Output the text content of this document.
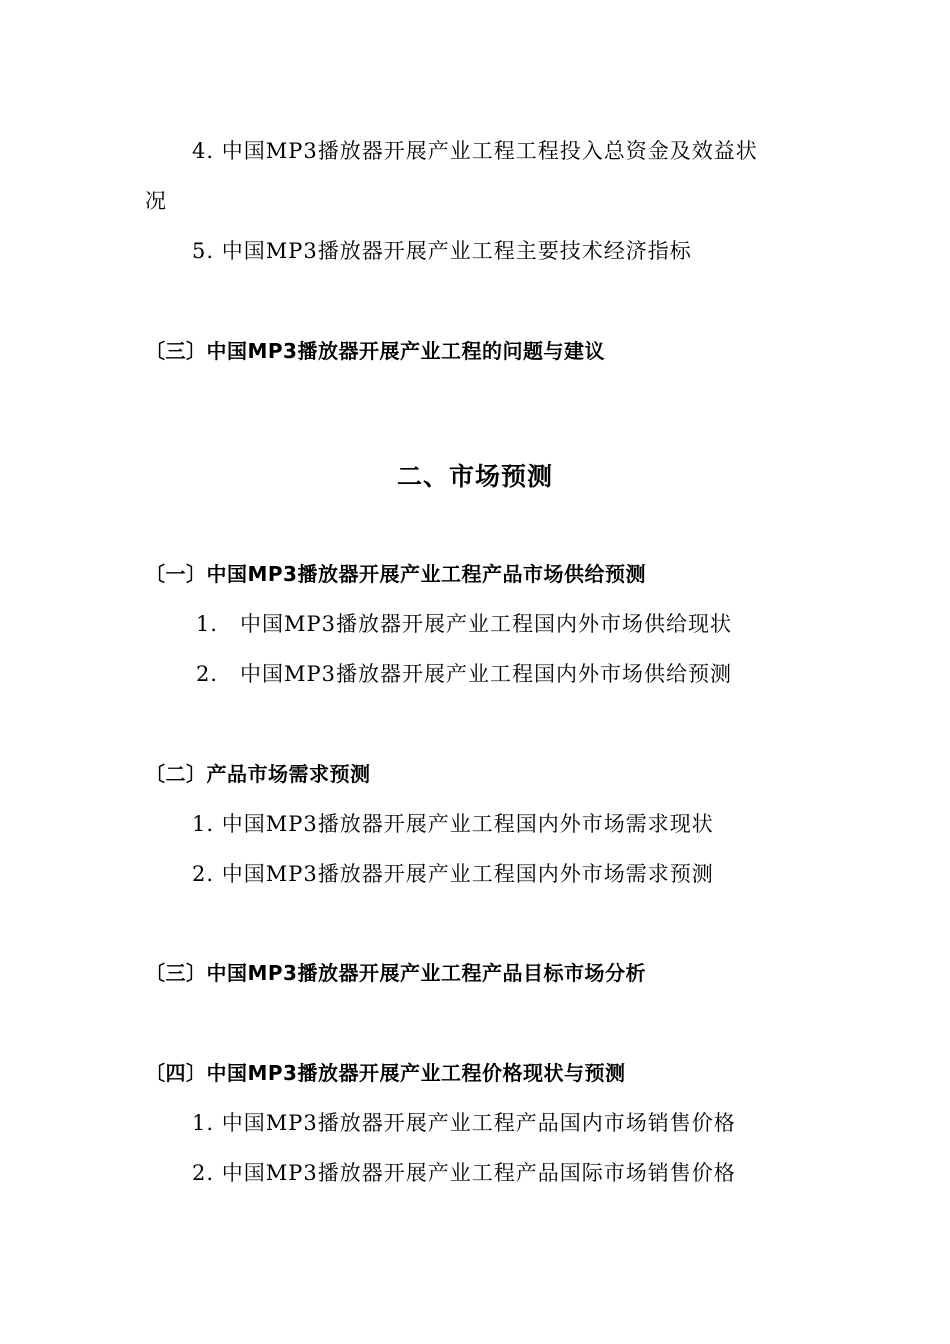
4. 中国MP3播放器开展产业工程工程投入总资金及效益状
况
5. 中国MP3播放器开展产业工程主要技术经济指标
〔三〕中国MP3播放器开展产业工程的问题与建议
二、市场预测
〔一〕中国MP3播放器开展产业工程产品市场供给预测
1． 中国MP3播放器开展产业工程国内外市场供给现状
2． 中国MP3播放器开展产业工程国内外市场供给预测
〔二〕产品市场需求预测
1. 中国MP3播放器开展产业工程国内外市场需求现状
2. 中国MP3播放器开展产业工程国内外市场需求预测
〔三〕中国MP3播放器开展产业工程产品目标市场分析
〔四〕中国MP3播放器开展产业工程价格现状与预测
1. 中国MP3播放器开展产业工程产品国内市场销售价格
2. 中国MP3播放器开展产业工程产品国际市场销售价格
